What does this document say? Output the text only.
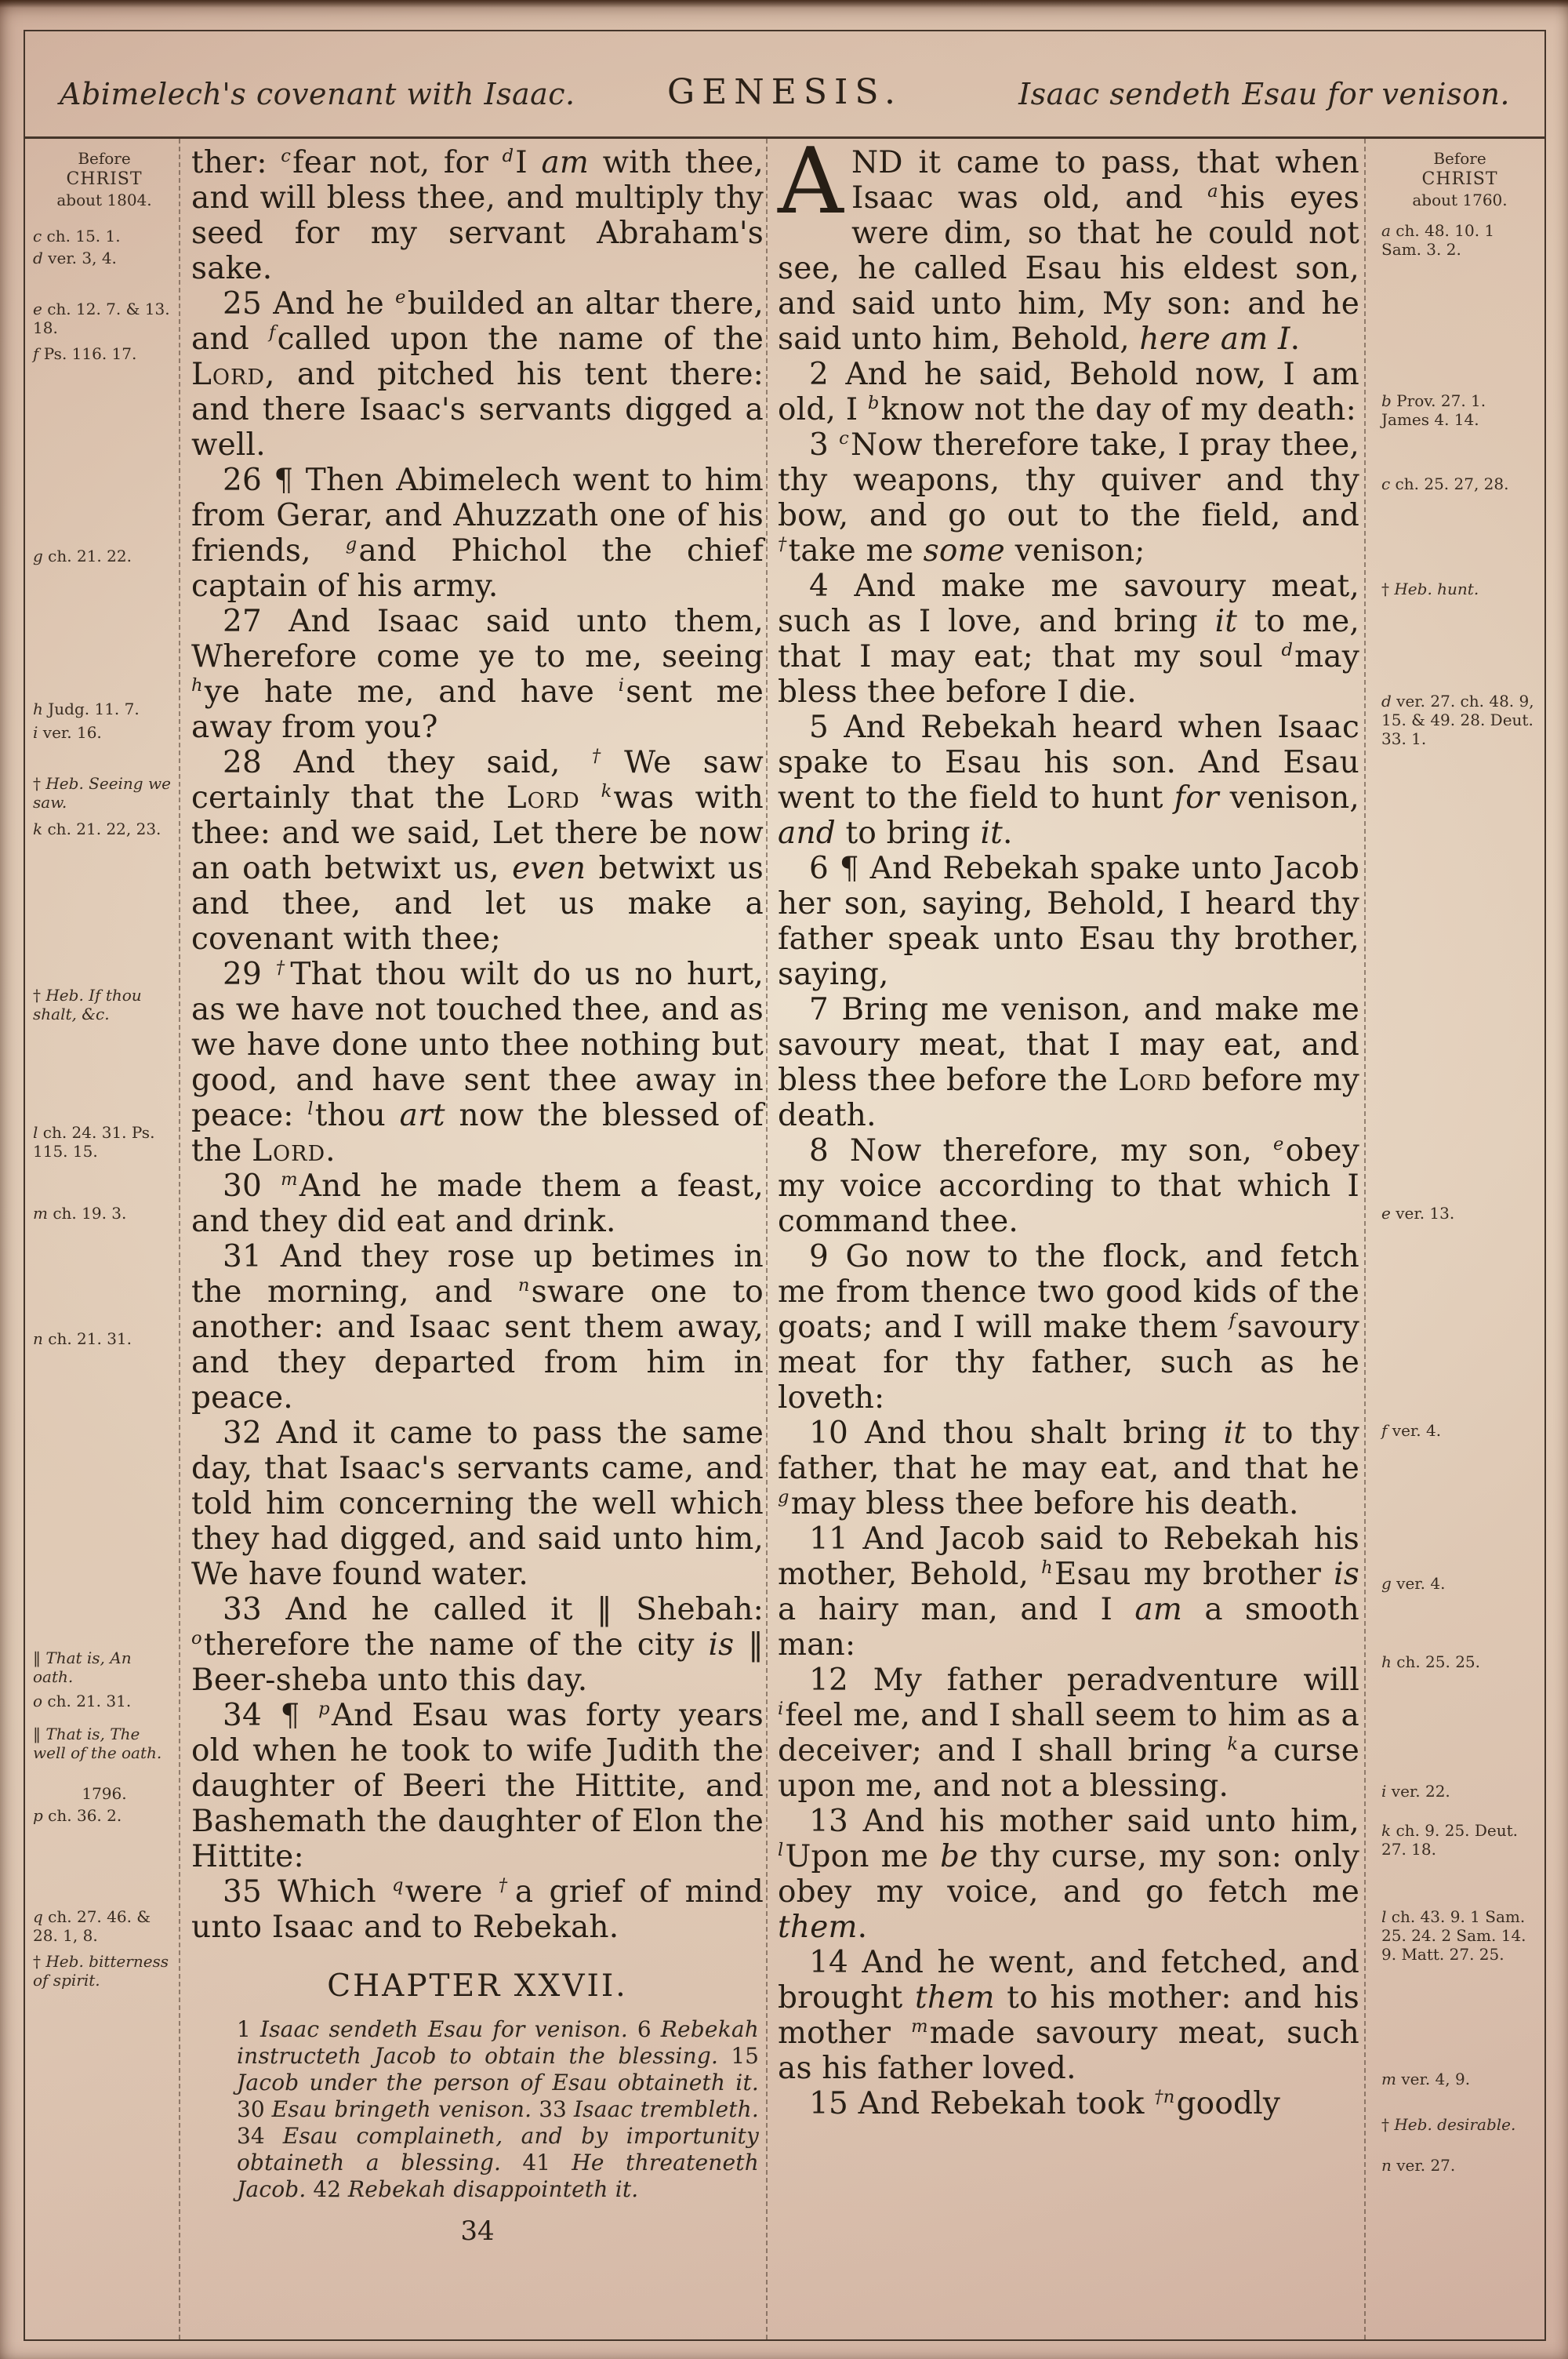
Abimelech's covenant with Isaac.	GENESIS.	Isaac sendeth Esau for venison.
Before
CHRIST
about 1804.
c ch. 15. 1.
d ver. 3, 4.
e ch. 12. 7. & 13. 18.
f Ps. 116. 17.
g ch. 21. 22.
h Judg. 11. 7.
i ver. 16.
† Heb. Seeing we saw.
k ch. 21. 22, 23.
† Heb. If thou shalt, &c.
l ch. 24. 31. Ps. 115. 15.
m ch. 19. 3.
n ch. 21. 31.
‖ That is, An oath.
o ch. 21. 31.
‖ That is, The well of the oath.
1796.
p ch. 36. 2.
q ch. 27. 46. & 28. 1, 8.
† Heb. bitterness of spirit.

ther: $^c$fear not, for $^d$I am with thee, and will bless thee, and multiply thy seed for my servant Abraham's sake.

25 And he $^e$builded an altar there, and $^f$called upon the name of the Lord, and pitched his tent there: and there Isaac's servants digged a well.

26 ¶ Then Abimelech went to him from Gerar, and Ahuzzath one of his friends, $^g$and Phichol the chief captain of his army.

27 And Isaac said unto them, Wherefore come ye to me, seeing $^h$ye hate me, and have $^i$sent me away from you?

28 And they said, †We saw certainly that the Lord $^k$was with thee: and we said, Let there be now an oath betwixt us, even betwixt us and thee, and let us make a covenant with thee;

29 †That thou wilt do us no hurt, as we have not touched thee, and as we have done unto thee nothing but good, and have sent thee away in peace: $^l$thou art now the blessed of the Lord.

30 $^m$And he made them a feast, and they did eat and drink.

31 And they rose up betimes in the morning, and $^n$sware one to another: and Isaac sent them away, and they departed from him in peace.

32 And it came to pass the same day, that Isaac's servants came, and told him concerning the well which they had digged, and said unto him, We have found water.

33 And he called it ‖ Shebah: $^o$therefore the name of the city is ‖ Beer-sheba unto this day.

34 ¶ $^p$And Esau was forty years old when he took to wife Judith the daughter of Beeri the Hittite, and Bashemath the daughter of Elon the Hittite:

35 Which $^q$were †a grief of mind unto Isaac and to Rebekah.

CHAPTER XXVII.
1 Isaac sendeth Esau for venison. 6 Rebekah instructeth Jacob to obtain the blessing. 15 Jacob under the person of Esau obtaineth it. 30 Esau bringeth venison. 33 Isaac trembleth. 34 Esau complaineth, and by importunity obtaineth a blessing. 41 He threateneth Jacob. 42 Rebekah disappointeth it.

AND it came to pass, that when Isaac was old, and $^a$his eyes were dim, so that he could not see, he called Esau his eldest son, and said unto him, My son: and he said unto him, Behold, here am I.

2 And he said, Behold now, I am old, I $^b$know not the day of my death:

3 $^c$Now therefore take, I pray thee, thy weapons, thy quiver and thy bow, and go out to the field, and †take me some venison;

4 And make me savoury meat, such as I love, and bring it to me, that I may eat; that my soul $^d$may bless thee before I die.

5 And Rebekah heard when Isaac spake to Esau his son. And Esau went to the field to hunt for venison, and to bring it.

6 ¶ And Rebekah spake unto Jacob her son, saying, Behold, I heard thy father speak unto Esau thy brother, saying,

7 Bring me venison, and make me savoury meat, that I may eat, and bless thee before the Lord before my death.

8 Now therefore, my son, $^e$obey my voice according to that which I command thee.

9 Go now to the flock, and fetch me from thence two good kids of the goats; and I will make them $^f$savoury meat for thy father, such as he loveth:

10 And thou shalt bring it to thy father, that he may eat, and that he $^g$may bless thee before his death.

11 And Jacob said to Rebekah his mother, Behold, $^h$Esau my brother is a hairy man, and I am a smooth man:

12 My father peradventure will $^i$feel me, and I shall seem to him as a deceiver; and I shall bring $^k$a curse upon me, and not a blessing.

13 And his mother said unto him, $^l$Upon me be thy curse, my son: only obey my voice, and go fetch me them.

14 And he went, and fetched, and brought them to his mother: and his mother $^m$made savoury meat, such as his father loved.

15 And Rebekah took $^{\dagger n}$goodly

Before
CHRIST
about 1760.
a ch. 48. 10. 1 Sam. 3. 2.
b Prov. 27. 1. James 4. 14.
c ch. 25. 27, 28.
† Heb. hunt.
d ver. 27. ch. 48. 9, 15. & 49. 28. Deut. 33. 1.
e ver. 13.
f ver. 4.
g ver. 4.
h ch. 25. 25.
i ver. 22.
k ch. 9. 25. Deut. 27. 18.
l ch. 43. 9. 1 Sam. 25. 24. 2 Sam. 14. 9. Matt. 27. 25.
m ver. 4, 9.
† Heb. desirable.
n ver. 27.
34
